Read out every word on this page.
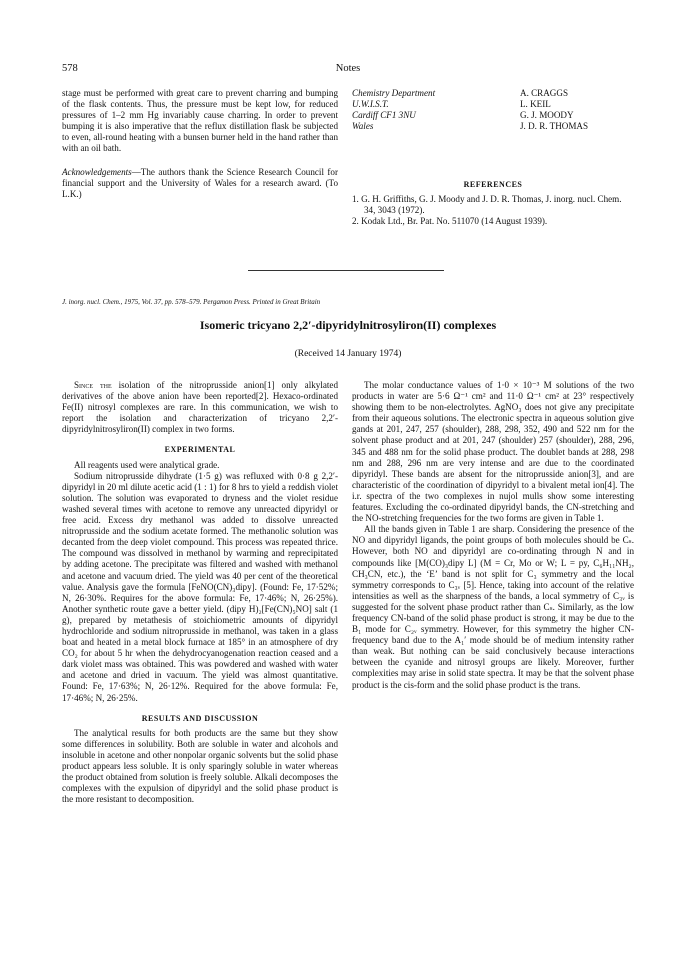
578	Notes

stage must be performed with great care to prevent charring and bumping of the flask contents. Thus, the pressure must be kept low, for reduced pressures of 1–2 mm Hg invariably cause charring. In order to prevent bumping it is also imperative that the reflux distillation flask be subjected to even, all-round heating with a bunsen burner held in the hand rather than with an oil bath.

Acknowledgements—The authors thank the Science Research Council for financial support and the University of Wales for a research award. (To L.K.)

Chemistry Department
U.W.I.S.T.
Cardiff CF1 3NU
Wales
A. CRAGGS
L. KEIL
G. J. MOODY
J. D. R. THOMAS
REFERENCES
1. G. H. Griffiths, G. J. Moody and J. D. R. Thomas, J. inorg. nucl. Chem. 34, 3043 (1972).
2. Kodak Ltd., Br. Pat. No. 511070 (14 August 1939).
J. inorg. nucl. Chem., 1975, Vol. 37, pp. 578–579. Pergamon Press. Printed in Great Britain
Isomeric tricyano 2,2′-dipyridylnitrosyliron(II) complexes
(Received 14 January 1974)

Since the isolation of the nitroprusside anion[1] only alkylated derivatives of the above anion have been reported[2]. Hexaco-ordinated Fe(II) nitrosyl complexes are rare. In this communication, we wish to report the isolation and characterization of tricyano 2,2′-dipyridylnitrosyliron(II) complex in two forms.

EXPERIMENTAL

All reagents used were analytical grade.

Sodium nitroprusside dihydrate (1·5 g) was refluxed with 0·8 g 2,2′-dipyridyl in 20 ml dilute acetic acid (1 : 1) for 8 hrs to yield a reddish violet solution. The solution was evaporated to dryness and the violet residue washed several times with acetone to remove any unreacted dipyridyl or free acid. Excess dry methanol was added to dissolve unreacted nitroprusside and the sodium acetate formed. The methanolic solution was decanted from the deep violet compound. This process was repeated thrice. The compound was dissolved in methanol by warming and reprecipitated by adding acetone. The precipitate was filtered and washed with methanol and acetone and vacuum dried. The yield was 40 per cent of the theoretical value. Analysis gave the formula [FeNO(CN)₃dipy]. (Found: Fe, 17·52%; N, 26·30%. Requires for the above formula: Fe, 17·46%; N, 26·25%). Another synthetic route gave a better yield. (dipy H)₂[Fe(CN)₅NO] salt (1 g), prepared by metathesis of stoichiometric amounts of dipyridyl hydrochloride and sodium nitroprusside in methanol, was taken in a glass boat and heated in a metal block furnace at 185° in an atmosphere of dry CO₂ for about 5 hr when the dehydrocyanogenation reaction ceased and a dark violet mass was obtained. This was powdered and washed with water and acetone and dried in vacuum. The yield was almost quantitative. Found: Fe, 17·63%; N, 26·12%. Required for the above formula: Fe, 17·46%; N, 26·25%.

RESULTS AND DISCUSSION

The analytical results for both products are the same but they show some differences in solubility. Both are soluble in water and alcohols and insoluble in acetone and other nonpolar organic solvents but the solid phase product appears less soluble. It is only sparingly soluble in water whereas the product obtained from solution is freely soluble. Alkali decomposes the complexes with the expulsion of dipyridyl and the solid phase product is the more resistant to decomposition.

The molar conductance values of 1·0 × 10⁻³ M solutions of the two products in water are 5·6 Ω⁻¹ cm² and 11·0 Ω⁻¹ cm² at 23° respectively showing them to be non-electrolytes. AgNO₃ does not give any precipitate from their aqueous solutions. The electronic spectra in aqueous solution give gands at 201, 247, 257 (shoulder), 288, 298, 352, 490 and 522 nm for the solvent phase product and at 201, 247 (shoulder) 257 (shoulder), 288, 296, 345 and 488 nm for the solid phase product. The doublet bands at 288, 298 nm and 288, 296 nm are very intense and are due to the coordinated dipyridyl. These bands are absent for the nitroprusside anion[3], and are characteristic of the coordination of dipyridyl to a bivalent metal ion[4]. The i.r. spectra of the two complexes in nujol mulls show some interesting features. Excluding the co-ordinated dipyridyl bands, the CN-stretching and the NO-stretching frequencies for the two forms are given in Table 1.

All the bands given in Table 1 are sharp. Considering the presence of the NO and dipyridyl ligands, the point groups of both molecules should be Cₛ. However, both NO and dipyridyl are co-ordinating through N and in compounds like [M(CO)₃dipy L] (M = Cr, Mo or W; L = py, C₆H₁₁NH₂, CH₃CN, etc.), the ‘E’ band is not split for C₃ symmetry and the local symmetry corresponds to C₃ᵥ [5]. Hence, taking into account of the relative intensities as well as the sharpness of the bands, a local symmetry of C₃ᵥ is suggested for the solvent phase product rather than Cₛ. Similarly, as the low frequency CN-band of the solid phase product is strong, it may be due to the B₁ mode for C₂ᵥ symmetry. However, for this symmetry the higher CN-frequency band due to the A₁′ mode should be of medium intensity rather than weak. But nothing can be said conclusively because interactions between the cyanide and nitrosyl groups are likely. Moreover, further complexities may arise in solid state spectra. It may be that the solvent phase product is the cis-form and the solid phase product is the trans.
